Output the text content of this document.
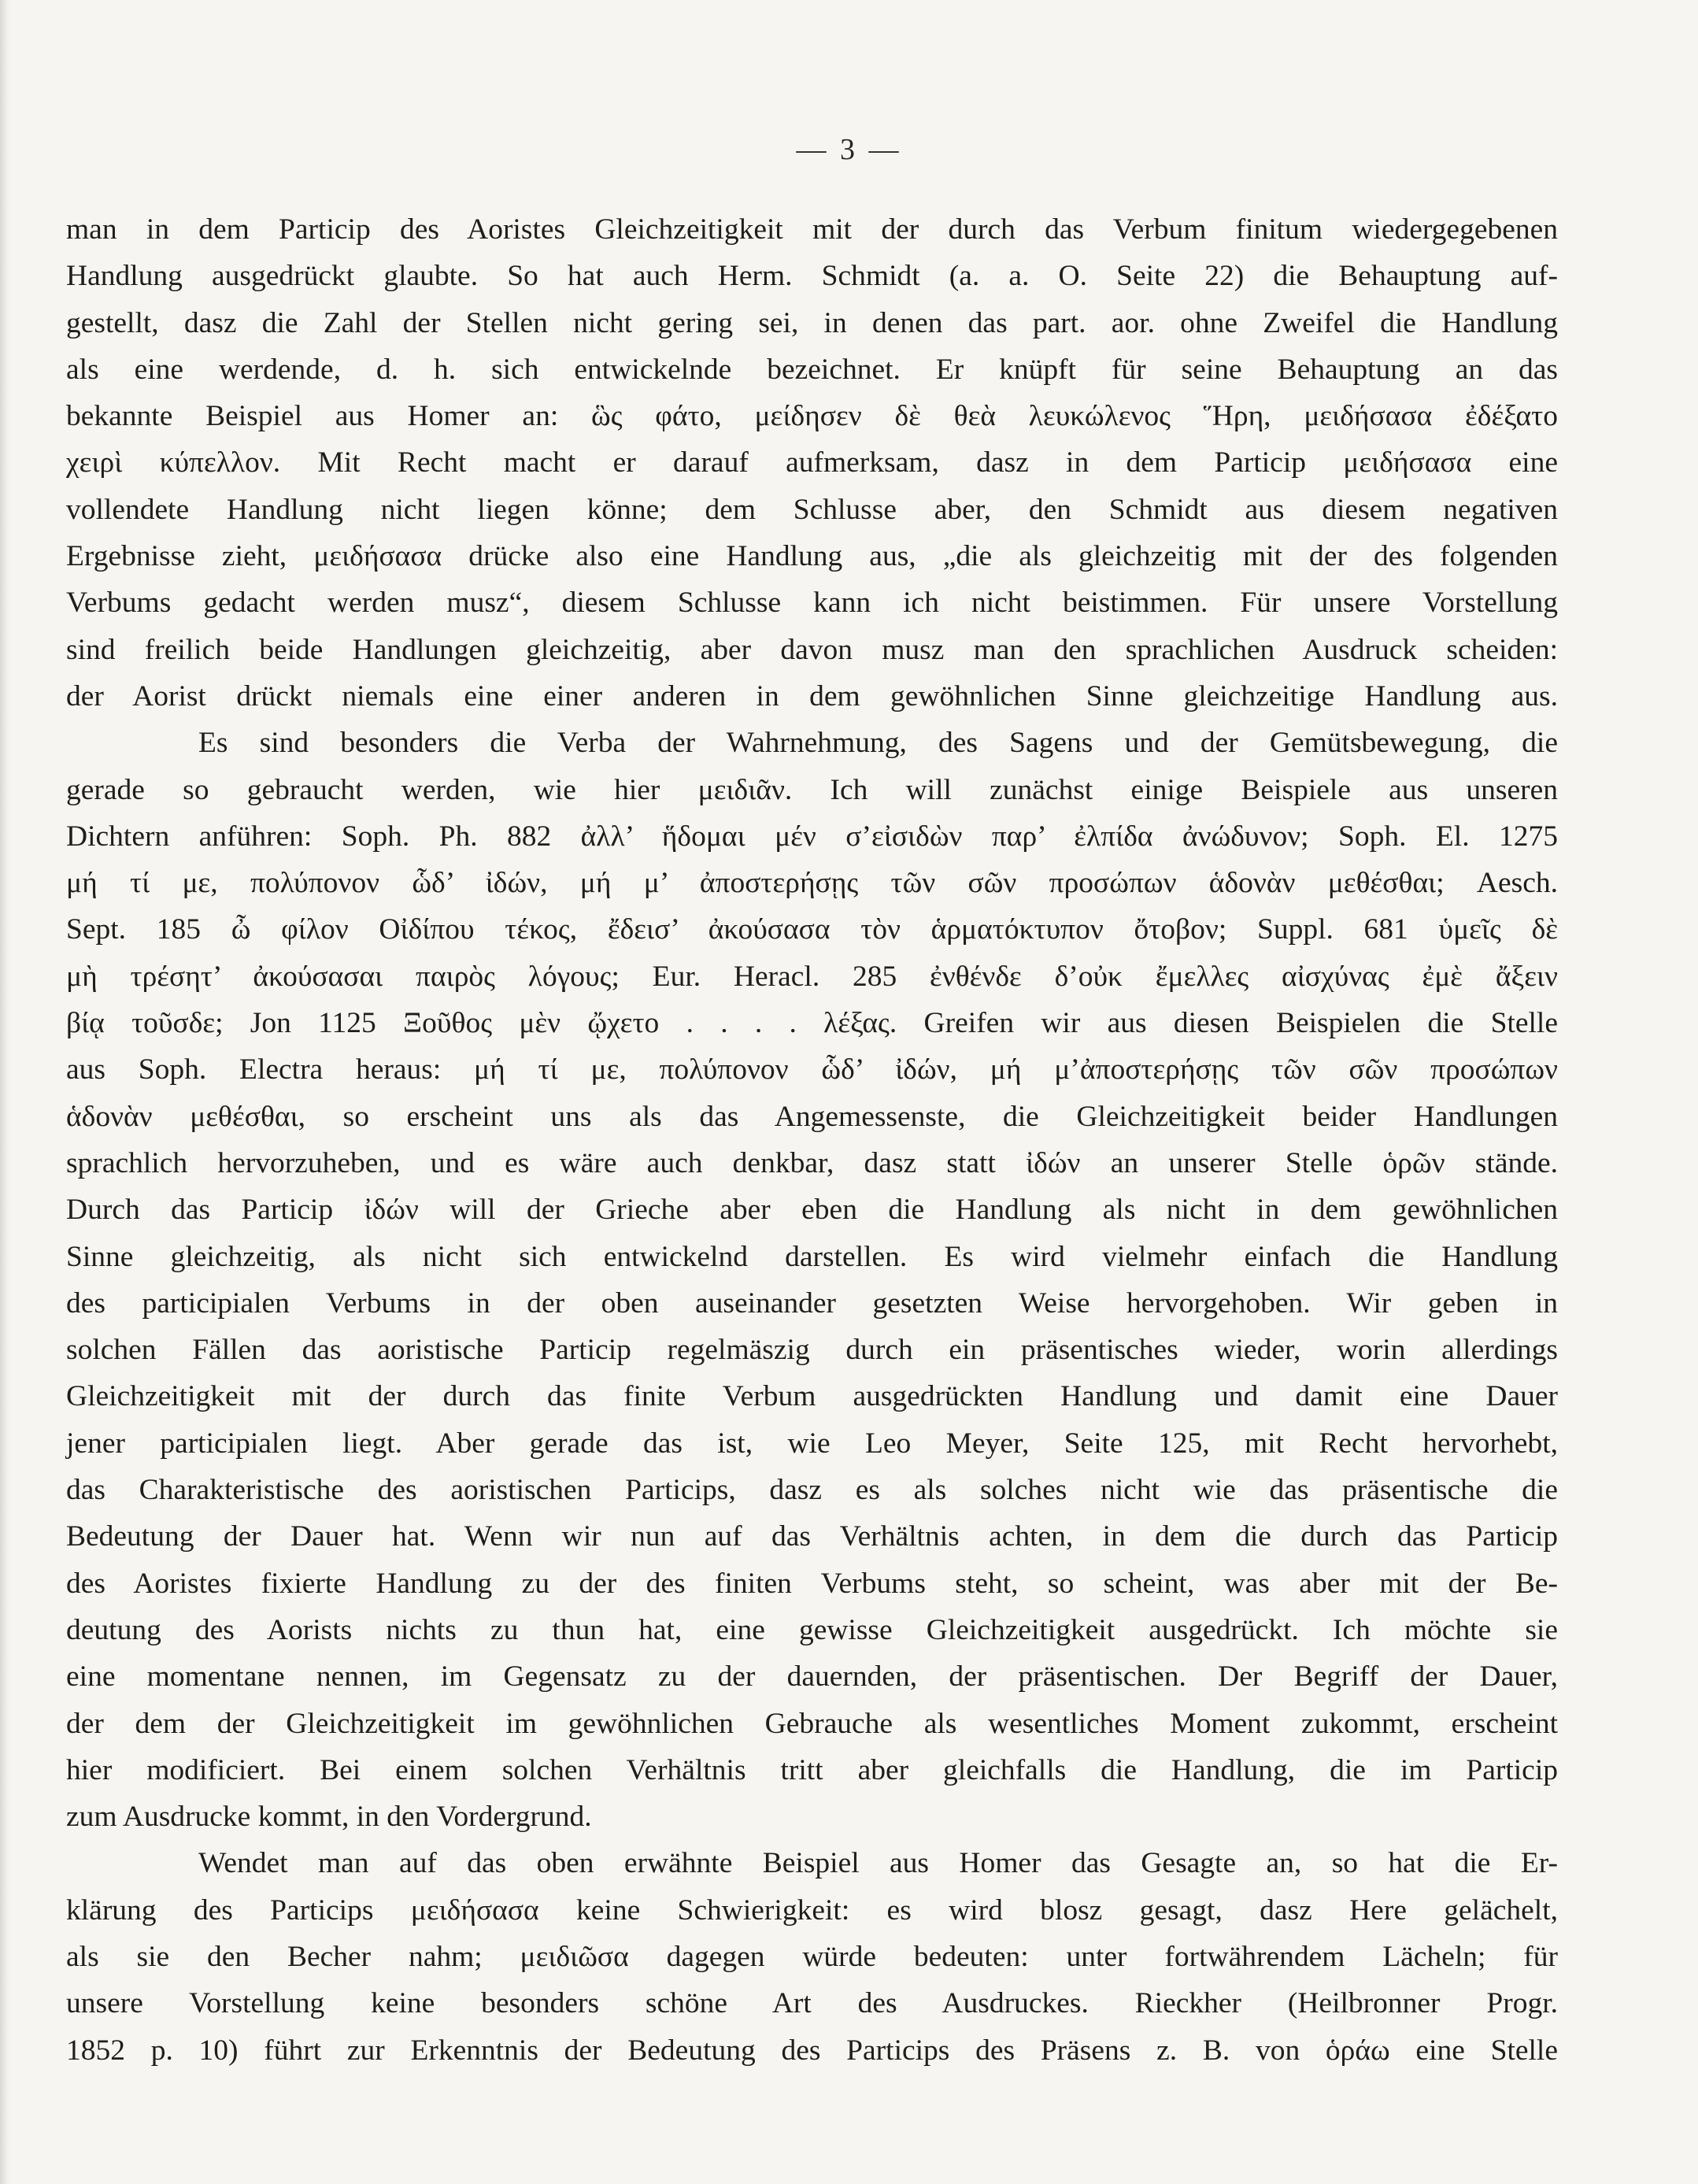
— 3 —
man in dem Particip des Aoristes Gleichzeitigkeit mit der durch das Verbum finitum wiedergegebenen
Handlung ausgedrückt glaubte. So hat auch Herm. Schmidt (a. a. O. Seite 22) die Behauptung auf-
gestellt, dasz die Zahl der Stellen nicht gering sei, in denen das part. aor. ohne Zweifel die Handlung
als eine werdende, d. h. sich entwickelnde bezeichnet. Er knüpft für seine Behauptung an das
bekannte Beispiel aus Homer an: ὣς φάτο, μείδησεν δὲ θεὰ λευκώλενος Ἥρη, μειδήσασα ἐδέξατο
χειρὶ κύπελλον. Mit Recht macht er darauf aufmerksam, dasz in dem Particip μειδήσασα eine
vollendete Handlung nicht liegen könne; dem Schlusse aber, den Schmidt aus diesem negativen
Ergebnisse zieht, μειδήσασα drücke also eine Handlung aus, „die als gleichzeitig mit der des folgenden
Verbums gedacht werden musz“, diesem Schlusse kann ich nicht beistimmen. Für unsere Vorstellung
sind freilich beide Handlungen gleichzeitig, aber davon musz man den sprachlichen Ausdruck scheiden:
der Aorist drückt niemals eine einer anderen in dem gewöhnlichen Sinne gleichzeitige Handlung aus.
Es sind besonders die Verba der Wahrnehmung, des Sagens und der Gemütsbewegung, die
gerade so gebraucht werden, wie hier μειδιᾶν. Ich will zunächst einige Beispiele aus unseren
Dichtern anführen: Soph. Ph. 882 ἀλλ’ ἥδομαι μέν σ’εἰσιδὼν παρ’ ἐλπίδα ἀνώδυνον; Soph. El. 1275
μή τί με, πολύπονον ὧδ’ ἰδών, μή μ’ ἀποστερήσῃς τῶν σῶν προσώπων ἁδονὰν μεθέσθαι; Aesch.
Sept. 185 ὦ φίλον Οἰδίπου τέκος, ἔδεισ’ ἀκούσασα τὸν ἁρματόκτυπον ὄτοβον; Suppl. 681 ὑμεῖς δὲ
μὴ τρέσητ’ ἀκούσασαι παιρὸς λόγους; Eur. Heracl. 285 ἐνθένδε δ’οὐκ ἔμελλες αἰσχύνας ἐμὲ ἄξειν
βίᾳ τοῦσδε; Jon 1125 Ξοῦθος μὲν ᾤχετο . . . . λέξας. Greifen wir aus diesen Beispielen die Stelle
aus Soph. Electra heraus: μή τί με, πολύπονον ὧδ’ ἰδών, μή μ’ἀποστερήσῃς τῶν σῶν προσώπων
ἁδονὰν μεθέσθαι, so erscheint uns als das Angemessenste, die Gleichzeitigkeit beider Handlungen
sprachlich hervorzuheben, und es wäre auch denkbar, dasz statt ἰδών an unserer Stelle ὁρῶν stände.
Durch das Particip ἰδών will der Grieche aber eben die Handlung als nicht in dem gewöhnlichen
Sinne gleichzeitig, als nicht sich entwickelnd darstellen. Es wird vielmehr einfach die Handlung
des participialen Verbums in der oben auseinander gesetzten Weise hervorgehoben. Wir geben in
solchen Fällen das aoristische Particip regelmäszig durch ein präsentisches wieder, worin allerdings
Gleichzeitigkeit mit der durch das finite Verbum ausgedrückten Handlung und damit eine Dauer
jener participialen liegt. Aber gerade das ist, wie Leo Meyer, Seite 125, mit Recht hervorhebt,
das Charakteristische des aoristischen Particips, dasz es als solches nicht wie das präsentische die
Bedeutung der Dauer hat. Wenn wir nun auf das Verhältnis achten, in dem die durch das Particip
des Aoristes fixierte Handlung zu der des finiten Verbums steht, so scheint, was aber mit der Be-
deutung des Aorists nichts zu thun hat, eine gewisse Gleichzeitigkeit ausgedrückt. Ich möchte sie
eine momentane nennen, im Gegensatz zu der dauernden, der präsentischen. Der Begriff der Dauer,
der dem der Gleichzeitigkeit im gewöhnlichen Gebrauche als wesentliches Moment zukommt, erscheint
hier modificiert. Bei einem solchen Verhältnis tritt aber gleichfalls die Handlung, die im Particip
zum Ausdrucke kommt, in den Vordergrund.
Wendet man auf das oben erwähnte Beispiel aus Homer das Gesagte an, so hat die Er-
klärung des Particips μειδήσασα keine Schwierigkeit: es wird blosz gesagt, dasz Here gelächelt,
als sie den Becher nahm; μειδιῶσα dagegen würde bedeuten: unter fortwährendem Lächeln; für
unsere Vorstellung keine besonders schöne Art des Ausdruckes. Rieckher (Heilbronner Progr.
1852 p. 10) führt zur Erkenntnis der Bedeutung des Particips des Präsens z. B. von ὁράω eine Stelle
